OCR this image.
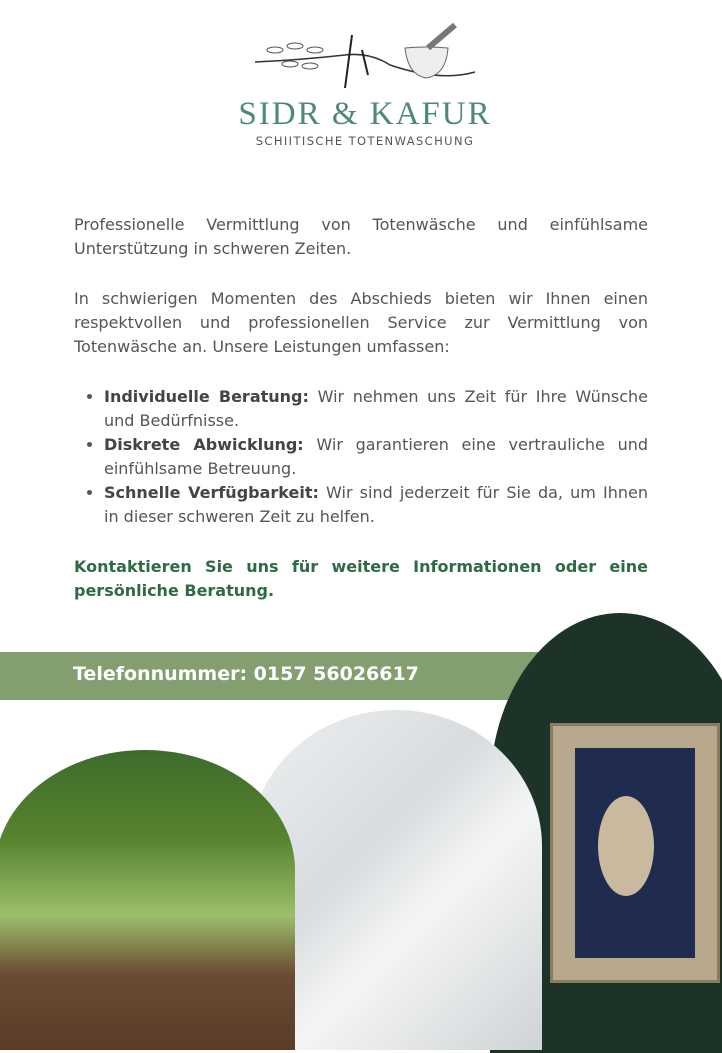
SIDR & KAFUR
SCHIITISCHE TOTENWASCHUNG

Professionelle Vermittlung von Totenwäsche und einfühlsame Unterstützung in schweren Zeiten.

In schwierigen Momenten des Abschieds bieten wir Ihnen einen respektvollen und professionellen Service zur Vermittlung von Totenwäsche an. Unsere Leistungen umfassen:

• Individuelle Beratung: Wir nehmen uns Zeit für Ihre Wünsche und Bedürfnisse.
• Diskrete Abwicklung: Wir garantieren eine vertrauliche und einfühlsame Betreuung.
• Schnelle Verfügbarkeit: Wir sind jederzeit für Sie da, um Ihnen in dieser schweren Zeit zu helfen.

Kontaktieren Sie uns für weitere Informationen oder eine persönliche Beratung.

Telefonnummer: 0157 56026617
